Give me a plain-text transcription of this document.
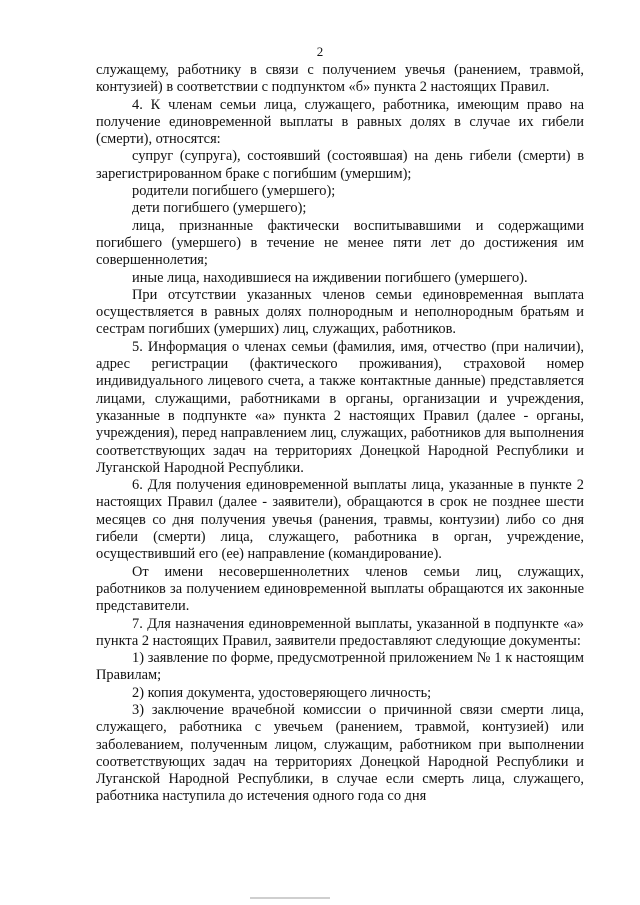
2

служащему, работнику в связи с получением увечья (ранением, травмой, контузией) в соответствии с подпунктом «б» пункта 2 настоящих Правил.

4. К членам семьи лица, служащего, работника, имеющим право на получение единовременной выплаты в равных долях в случае их гибели (смерти), относятся:

супруг (супруга), состоявший (состоявшая) на день гибели (смерти) в зарегистрированном браке с погибшим (умершим);

родители погибшего (умершего);

дети погибшего (умершего);

лица, признанные фактически воспитывавшими и содержащими погибшего (умершего) в течение не менее пяти лет до достижения им совершеннолетия;

иные лица, находившиеся на иждивении погибшего (умершего).

При отсутствии указанных членов семьи единовременная выплата осуществляется в равных долях полнородным и неполнородным братьям и сестрам погибших (умерших) лиц, служащих, работников.

5. Информация о членах семьи (фамилия, имя, отчество (при наличии), адрес регистрации (фактического проживания), страховой номер индивидуального лицевого счета, а также контактные данные) представляется лицами, служащими, работниками в органы, организации и учреждения, указанные в подпункте «а» пункта 2 настоящих Правил (далее - органы, учреждения), перед направлением лиц, служащих, работников для выполнения соответствующих задач на территориях Донецкой Народной Республики и Луганской Народной Республики.

6. Для получения единовременной выплаты лица, указанные в пункте 2 настоящих Правил (далее - заявители), обращаются в срок не позднее шести месяцев со дня получения увечья (ранения, травмы, контузии) либо со дня гибели (смерти) лица, служащего, работника в орган, учреждение, осуществивший его (ее) направление (командирование).

От имени несовершеннолетних членов семьи лиц, служащих, работников за получением единовременной выплаты обращаются их законные представители.

7. Для назначения единовременной выплаты, указанной в подпункте «а» пункта 2 настоящих Правил, заявители предоставляют следующие документы:

1) заявление по форме, предусмотренной приложением № 1 к настоящим Правилам;

2) копия документа, удостоверяющего личность;

3) заключение врачебной комиссии о причинной связи смерти лица, служащего, работника с увечьем (ранением, травмой, контузией) или заболеванием, полученным лицом, служащим, работником при выполнении соответствующих задач на территориях Донецкой Народной Республики и Луганской Народной Республики, в случае если смерть лица, служащего, работника наступила до истечения одного года со дня
